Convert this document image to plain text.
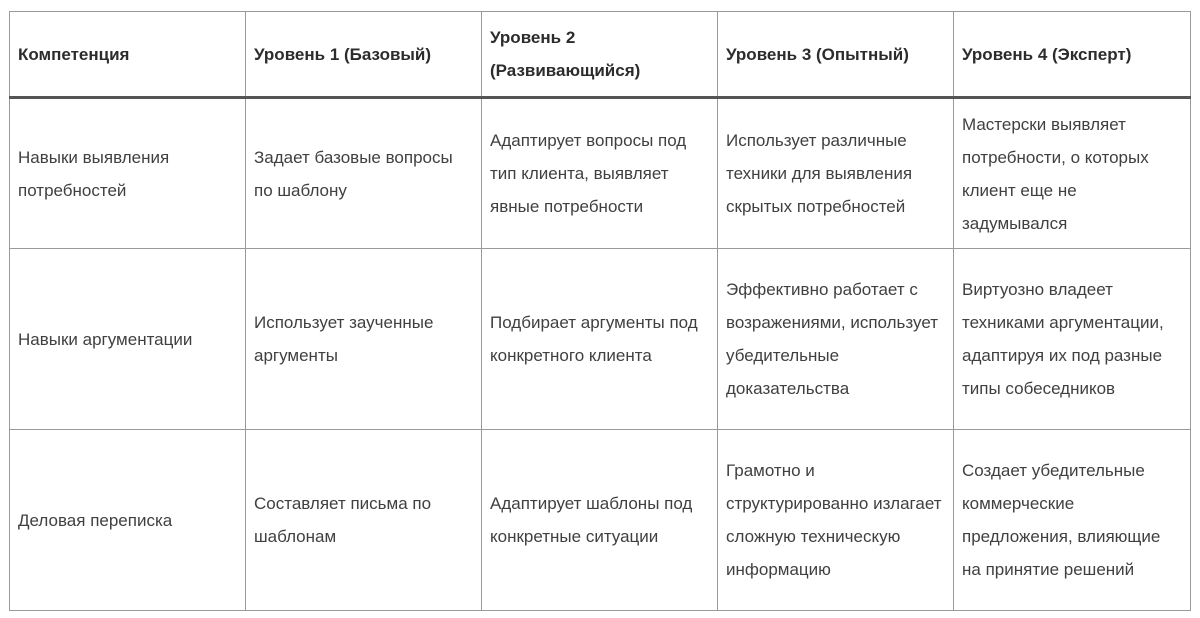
Компетенция	Уровень 1 (Базовый)	Уровень 2 (Развивающийся)	Уровень 3 (Опытный)	Уровень 4 (Эксперт)
Навыки выявления потребностей	Задает базовые вопросы по шаблону	Адаптирует вопросы под тип клиента, выявляет явные потребности	Использует различные техники для выявления скрытых потребностей	Мастерски выявляет потребности, о которых клиент еще не задумывался
Навыки аргументации	Использует заученные аргументы	Подбирает аргументы под конкретного клиента	Эффективно работает с возражениями, использует убедительные доказательства	Виртуозно владеет техниками аргументации, адаптируя их под разные типы собеседников
Деловая переписка	Составляет письма по шаблонам	Адаптирует шаблоны под конкретные ситуации	Грамотно и структурированно излагает сложную техническую информацию	Создает убедительные коммерческие предложения, влияющие на принятие решений
